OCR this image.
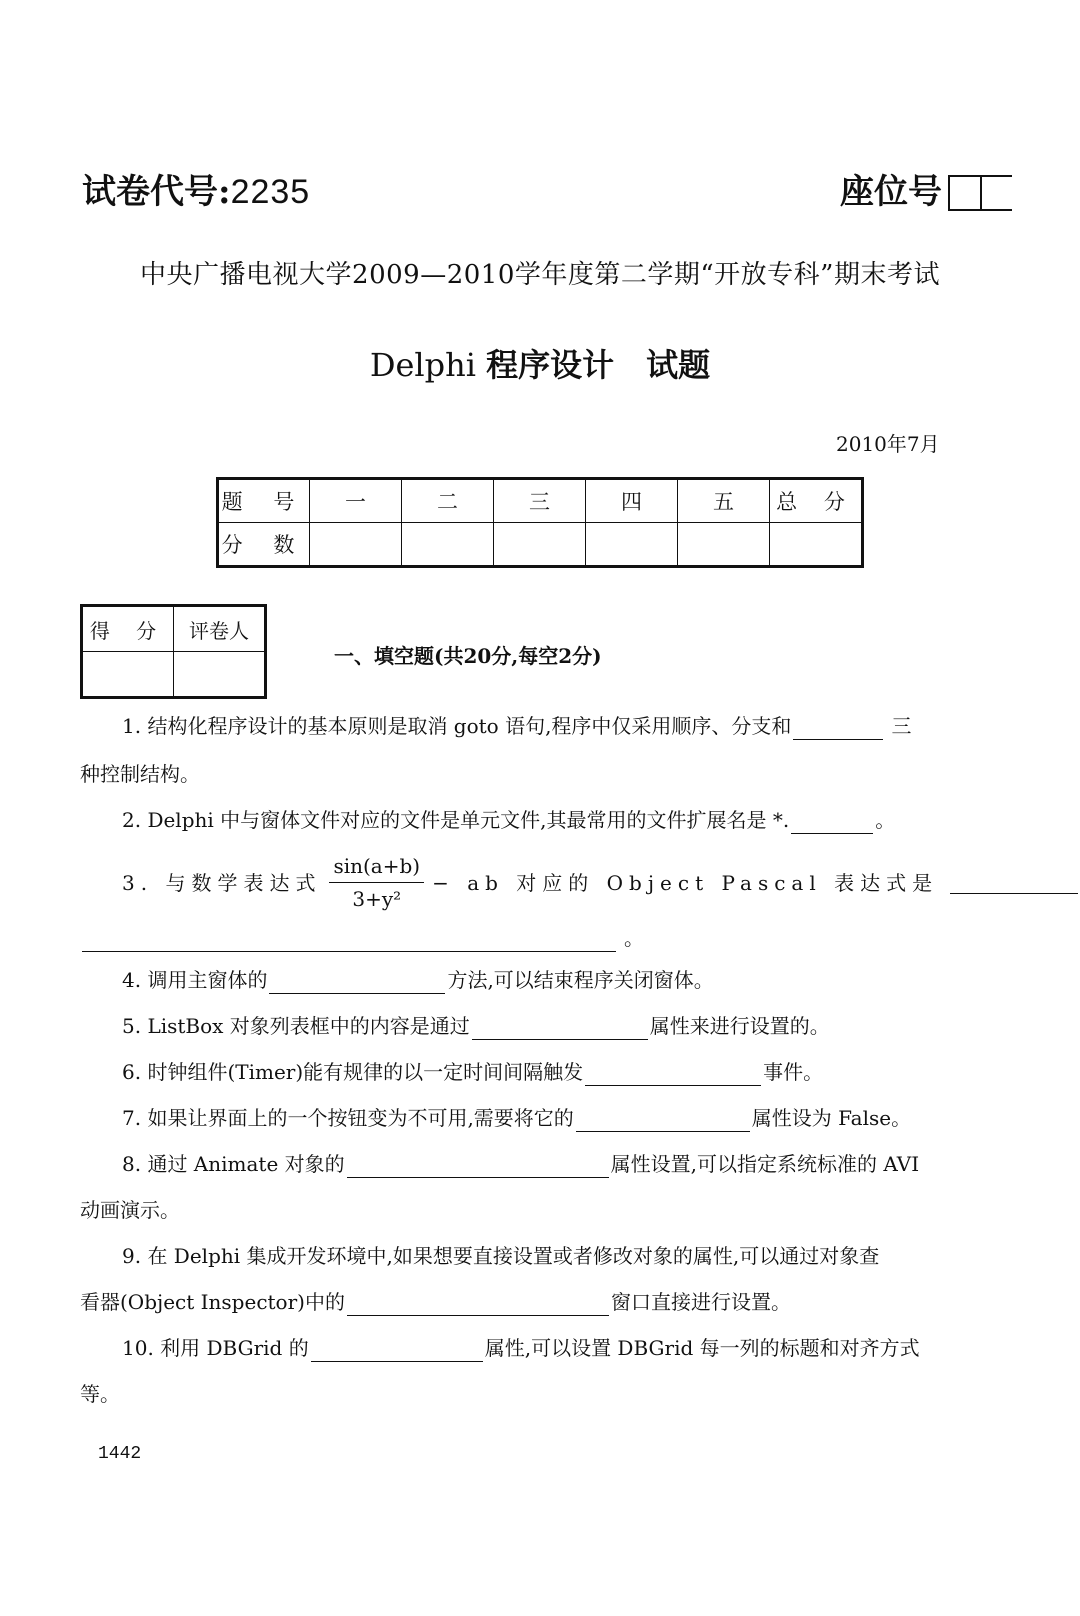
试卷代号:2235	座位号
中央广播电视大学2009—2010学年度第二学期“开放专科”期末考试
Delphi 程序设计　试题
2010年7月
题 号	一	二	三	四	五	总 分
分 数						
得 分	评卷人

一、填空题(共20分,每空2分)
1. 结构化程序设计的基本原则是取消 goto 语句,程序中仅采用顺序、分支和	三
种控制结构。
2. Delphi 中与窗体文件对应的文件是单元文件,其最常用的文件扩展名是 *.	。
3. 与数学表达式 $\frac{\sin(a+b)}{\text{3+y²}}$ − ab 对应的 Object Pascal 表达式是
。
4. 调用主窗体的	方法,可以结束程序关闭窗体。
5. ListBox 对象列表框中的内容是通过	属性来进行设置的。
6. 时钟组件(Timer)能有规律的以一定时间间隔触发	事件。
7. 如果让界面上的一个按钮变为不可用,需要将它的	属性设为 False。
8. 通过 Animate 对象的	属性设置,可以指定系统标准的 AVI
动画演示。
9. 在 Delphi 集成开发环境中,如果想要直接设置或者修改对象的属性,可以通过对象查
看器(Object Inspector)中的	窗口直接进行设置。
10. 利用 DBGrid 的	属性,可以设置 DBGrid 每一列的标题和对齐方式
等。
1442
